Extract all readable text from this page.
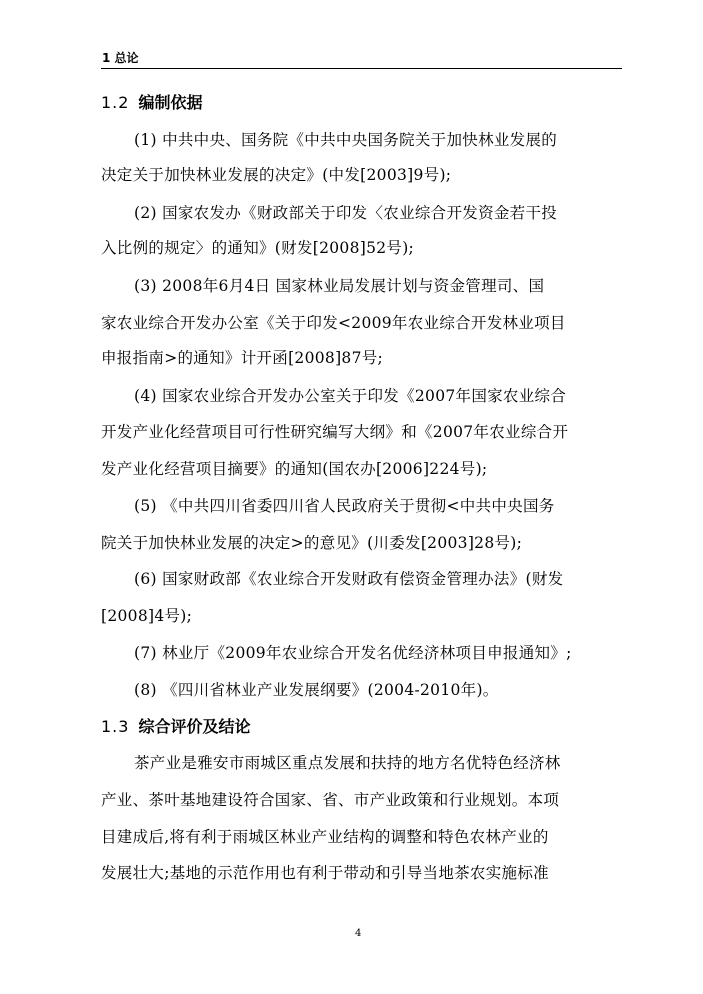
1 总论
1.2 编制依据
(1) 中共中央、国务院《中共中央国务院关于加快林业发展的
决定关于加快林业发展的决定》(中发[2003]9号);
(2) 国家农发办《财政部关于印发〈农业综合开发资金若干投
入比例的规定〉的通知》(财发[2008]52号);
(3) 2008年6月4日 国家林业局发展计划与资金管理司、国
家农业综合开发办公室《关于印发<2009年农业综合开发林业项目
申报指南>的通知》计开函[2008]87号;
(4) 国家农业综合开发办公室关于印发《2007年国家农业综合
开发产业化经营项目可行性研究编写大纲》和《2007年农业综合开
发产业化经营项目摘要》的通知(国农办[2006]224号);
(5) 《中共四川省委四川省人民政府关于贯彻<中共中央国务
院关于加快林业发展的决定>的意见》(川委发[2003]28号);
(6) 国家财政部《农业综合开发财政有偿资金管理办法》(财发
[2008]4号);
(7) 林业厅《2009年农业综合开发名优经济林项目申报通知》;
(8) 《四川省林业产业发展纲要》(2004-2010年)。
1.3 综合评价及结论
茶产业是雅安市雨城区重点发展和扶持的地方名优特色经济林
产业、茶叶基地建设符合国家、省、市产业政策和行业规划。本项
目建成后,将有利于雨城区林业产业结构的调整和特色农林产业的
发展壮大;基地的示范作用也有利于带动和引导当地茶农实施标准
4
